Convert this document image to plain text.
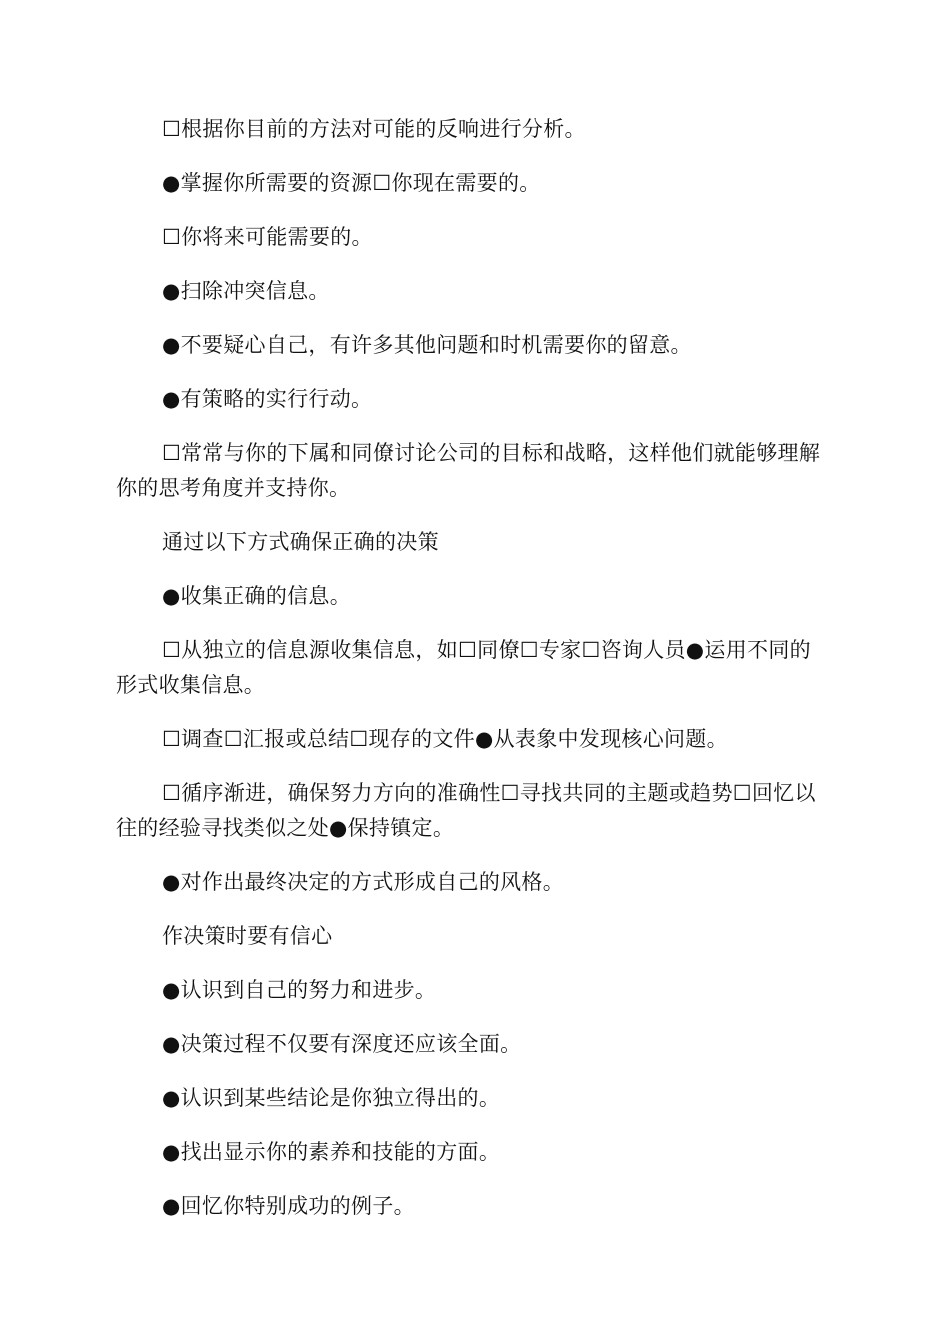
☐根据你目前的方法对可能的反响进行分析。

●掌握你所需要的资源☐你现在需要的。

☐你将来可能需要的。

●扫除冲突信息。

●不要疑心自己，有许多其他问题和时机需要你的留意。

●有策略的实行行动。

☐常常与你的下属和同僚讨论公司的目标和战略，这样他们就能够理解你的思考角度并支持你。

通过以下方式确保正确的决策

●收集正确的信息。

☐从独立的信息源收集信息，如☐同僚☐专家☐咨询人员●运用不同的形式收集信息。

☐调查☐汇报或总结☐现存的文件●从表象中发现核心问题。

☐循序渐进，确保努力方向的准确性☐寻找共同的主题或趋势☐回忆以往的经验寻找类似之处●保持镇定。

●对作出最终决定的方式形成自己的风格。

作决策时要有信心

●认识到自己的努力和进步。

●决策过程不仅要有深度还应该全面。

●认识到某些结论是你独立得出的。

●找出显示你的素养和技能的方面。

●回忆你特别成功的例子。
